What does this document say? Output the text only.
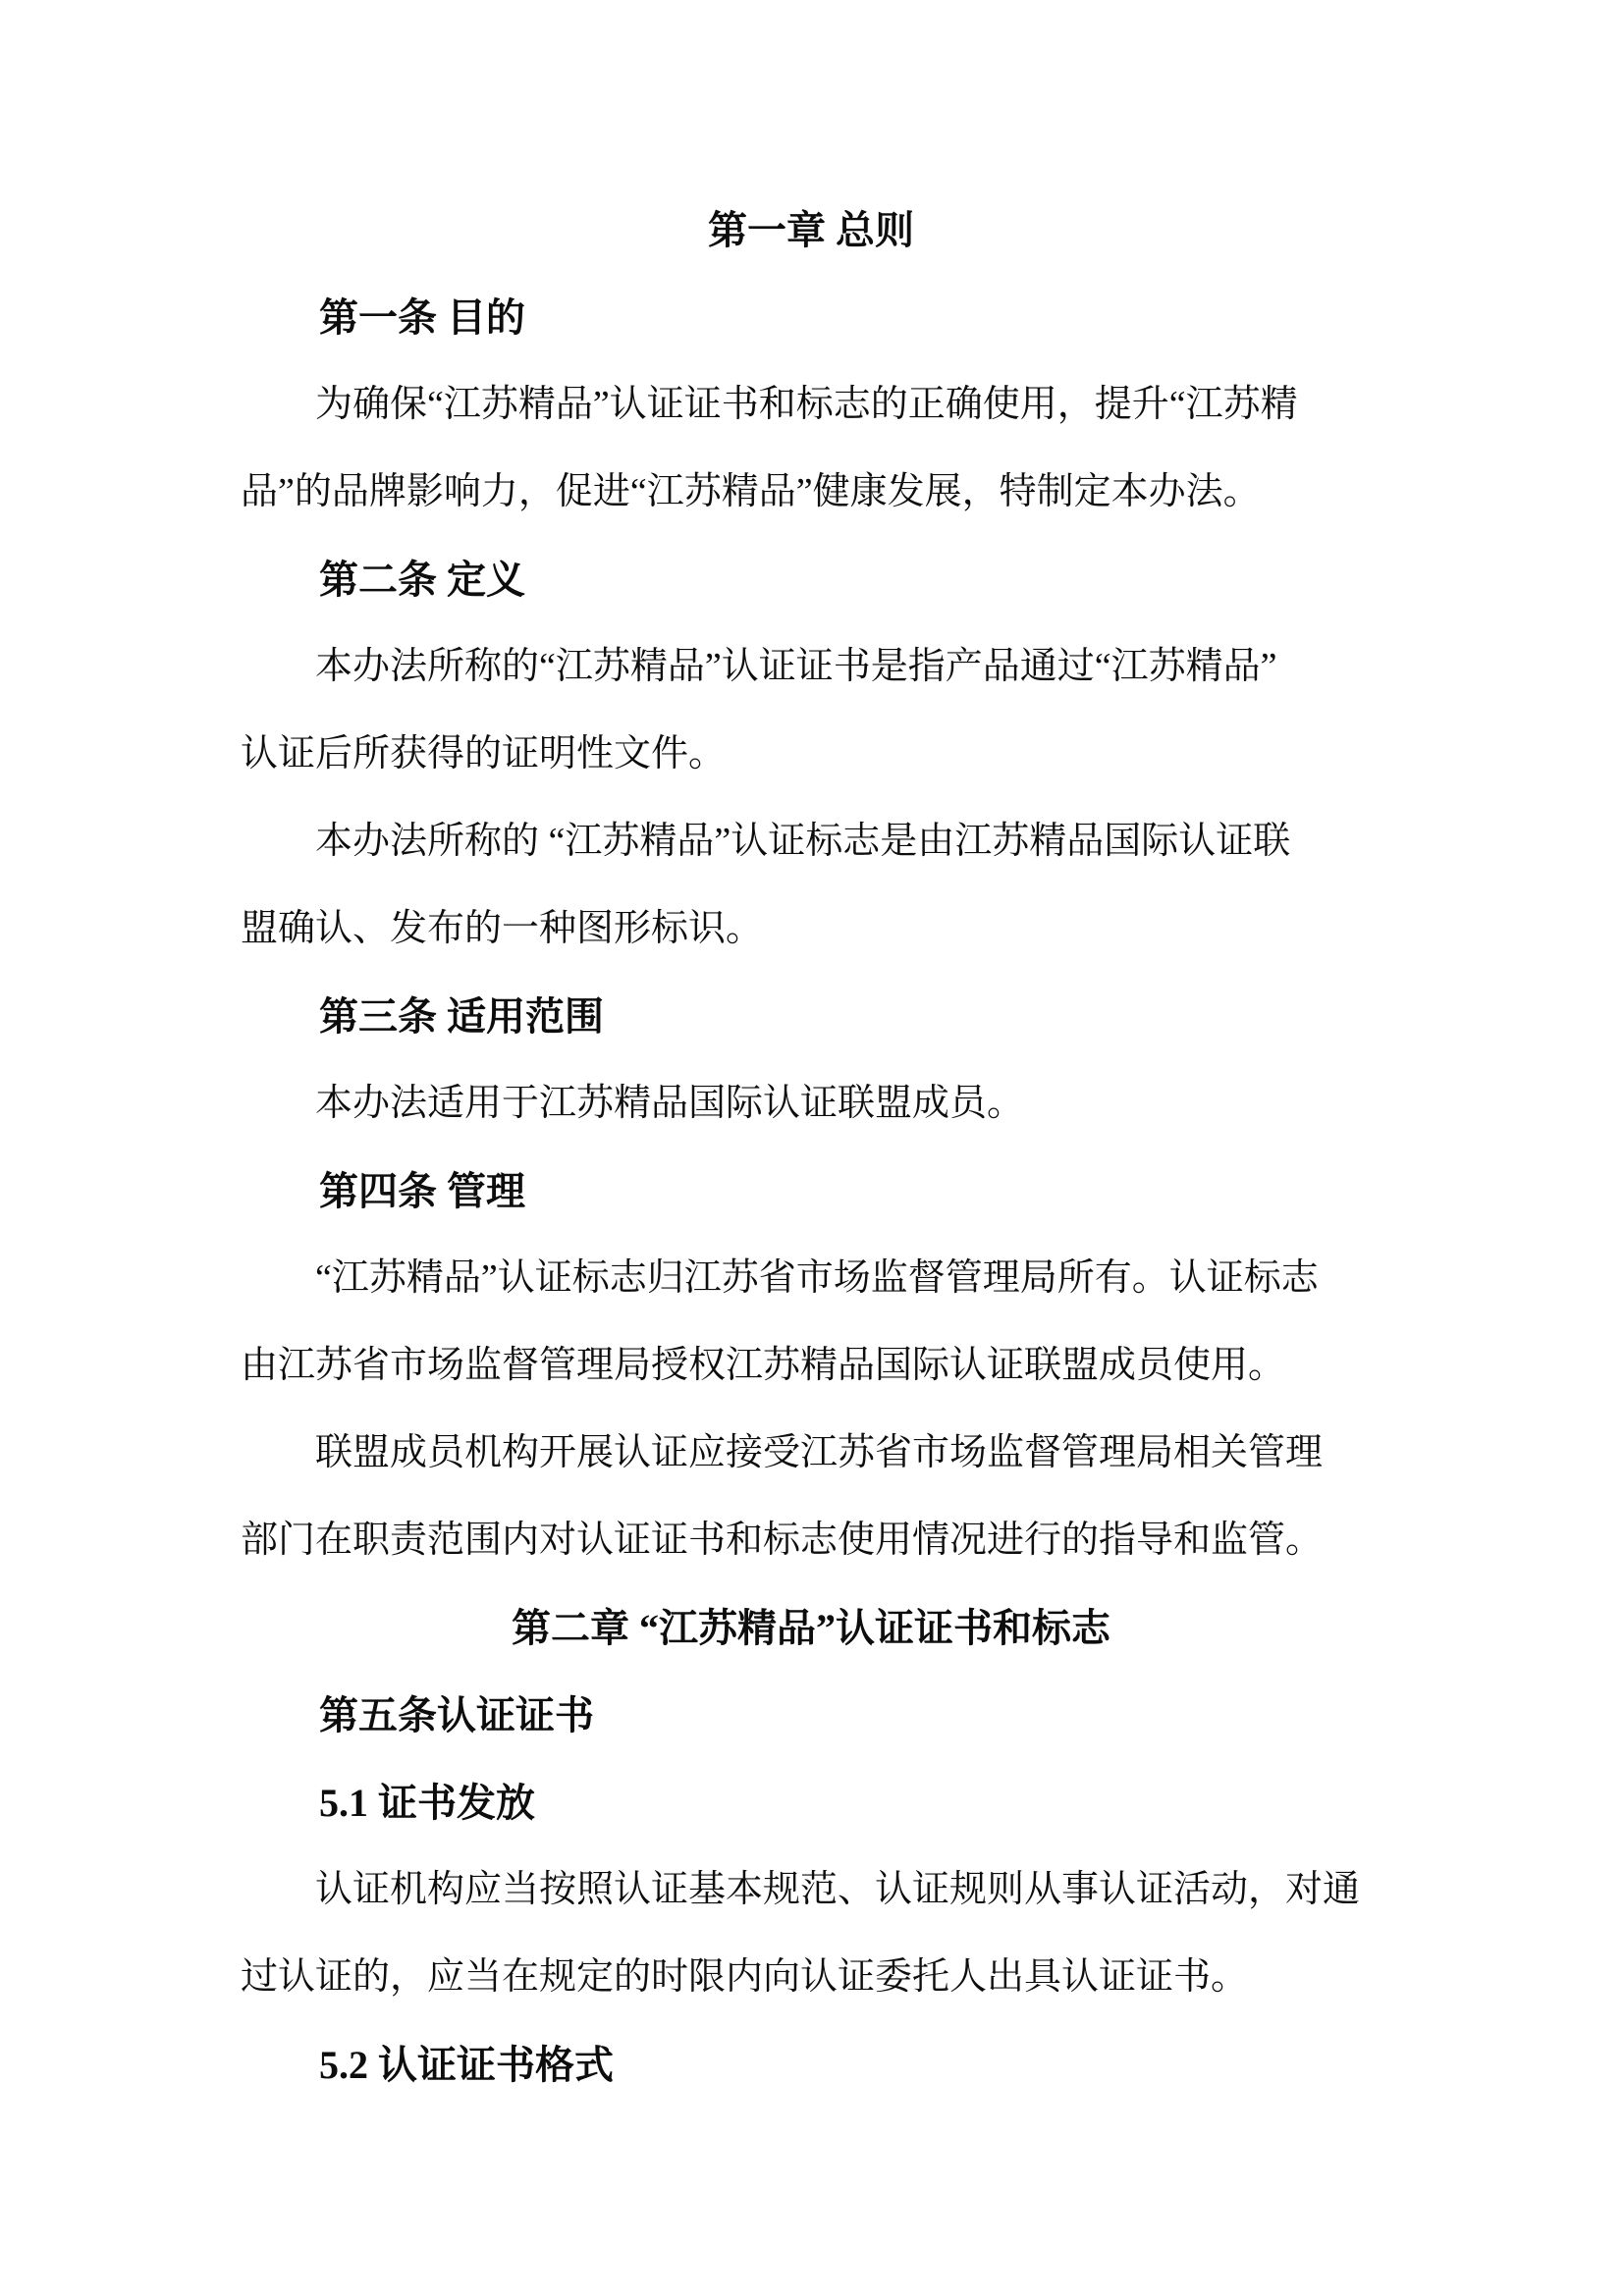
第一章 总则
第一条 目的
为确保“江苏精品”认证证书和标志的正确使用，提升“江苏精
品”的品牌影响力，促进“江苏精品”健康发展，特制定本办法。
第二条 定义
本办法所称的“江苏精品”认证证书是指产品通过“江苏精品”
认证后所获得的证明性文件。
本办法所称的 “江苏精品”认证标志是由江苏精品国际认证联
盟确认、发布的一种图形标识。
第三条 适用范围
本办法适用于江苏精品国际认证联盟成员。
第四条 管理
“江苏精品”认证标志归江苏省市场监督管理局所有。认证标志
由江苏省市场监督管理局授权江苏精品国际认证联盟成员使用。
联盟成员机构开展认证应接受江苏省市场监督管理局相关管理
部门在职责范围内对认证证书和标志使用情况进行的指导和监管。
第二章 “江苏精品”认证证书和标志
第五条认证证书
5.1 证书发放
认证机构应当按照认证基本规范、认证规则从事认证活动，对通
过认证的，应当在规定的时限内向认证委托人出具认证证书。
5.2 认证证书格式
